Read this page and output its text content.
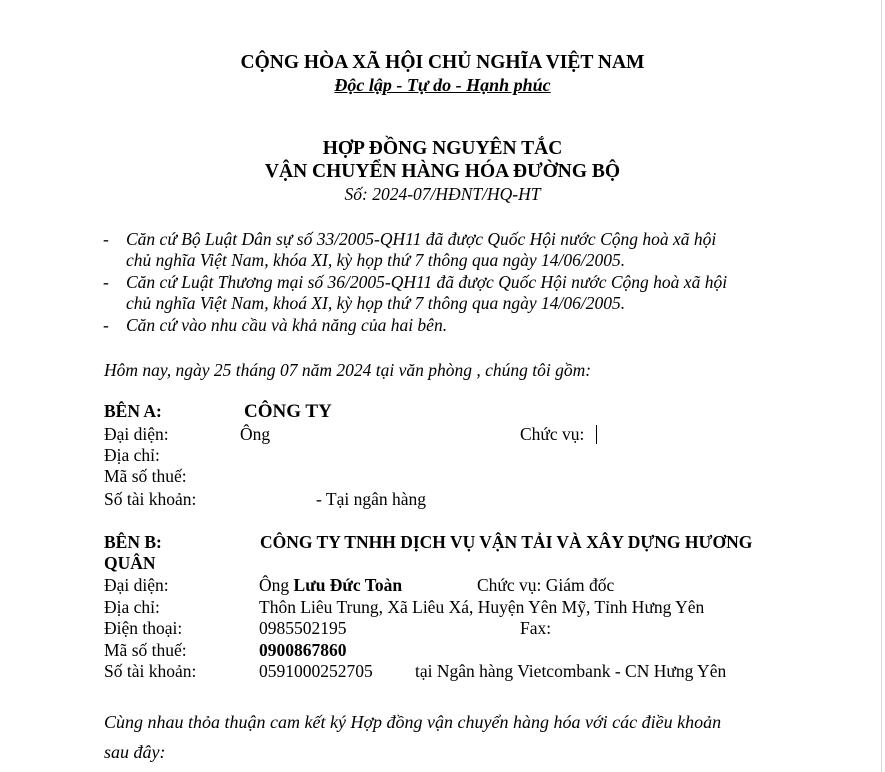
CỘNG HÒA XÃ HỘI CHỦ NGHĨA VIỆT NAM
Độc lập - Tự do - Hạnh phúc
HỢP ĐỒNG NGUYÊN TẮC
VẬN CHUYỂN HÀNG HÓA ĐƯỜNG BỘ
Số: 2024-07/HĐNT/HQ-HT
- Căn cứ Bộ Luật Dân sự số 33/2005-QH11 đã được Quốc Hội nước Cộng hoà xã hội
chủ nghĩa Việt Nam, khóa XI, kỳ họp thứ 7 thông qua ngày 14/06/2005.
- Căn cứ Luật Thương mại số 36/2005-QH11 đã được Quốc Hội nước Cộng hoà xã hội
chủ nghĩa Việt Nam, khoá XI, kỳ họp thứ 7 thông qua ngày 14/06/2005.
- Căn cứ vào nhu cầu và khả năng của hai bên.
Hôm nay, ngày 25 tháng 07 năm 2024 tại văn phòng , chúng tôi gồm:
BÊN A:	CÔNG TY
Đại diện:	Ông	Chức vụ:
Địa chỉ:
Mã số thuế:
Số tài khoản:	- Tại ngân hàng
BÊN B:	CÔNG TY TNHH DỊCH VỤ VẬN TẢI VÀ XÂY DỰNG HƯƠNG
QUÂN
Đại diện:	Ông Lưu Đức Toàn	Chức vụ: Giám đốc
Địa chỉ:	Thôn Liêu Trung, Xã Liêu Xá, Huyện Yên Mỹ, Tỉnh Hưng Yên
Điện thoại:	0985502195	Fax:
Mã số thuế:	0900867860
Số tài khoản:	0591000252705 tại Ngân hàng Vietcombank - CN Hưng Yên
Cùng nhau thỏa thuận cam kết ký Hợp đồng vận chuyển hàng hóa với các điều khoản
sau đây:
